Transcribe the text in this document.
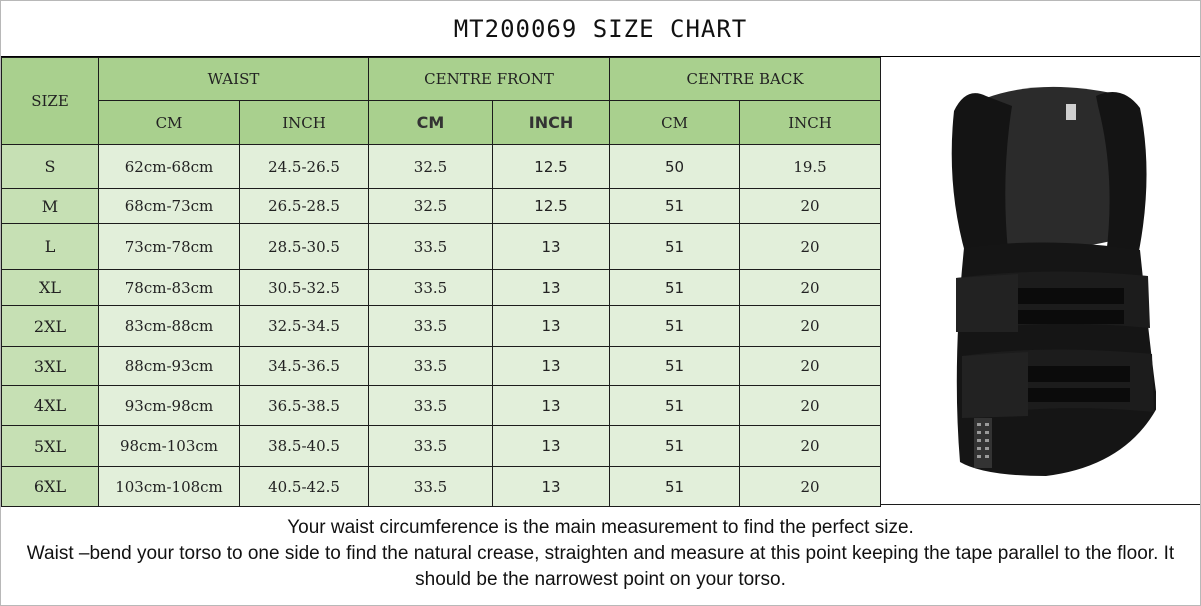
MT200069 SIZE CHART
SIZE	WAIST		CENTRE FRONT		CENTRE BACK	
	CM	INCH	CM	INCH	CM	INCH
S	62cm-68cm	24.5-26.5	32.5	12.5	50	19.5
M	68cm-73cm	26.5-28.5	32.5	12.5	51	20
L	73cm-78cm	28.5-30.5	33.5	13	51	20
XL	78cm-83cm	30.5-32.5	33.5	13	51	20
2XL	83cm-88cm	32.5-34.5	33.5	13	51	20
3XL	88cm-93cm	34.5-36.5	33.5	13	51	20
4XL	93cm-98cm	36.5-38.5	33.5	13	51	20
5XL	98cm-103cm	38.5-40.5	33.5	13	51	20
6XL	103cm-108cm	40.5-42.5	33.5	13	51	20

Your waist circumference is the main measurement to find the perfect size.

Waist –bend your torso to one side to find the natural crease, straighten and measure at this point keeping the tape parallel to the floor. It should be the narrowest point on your torso.
